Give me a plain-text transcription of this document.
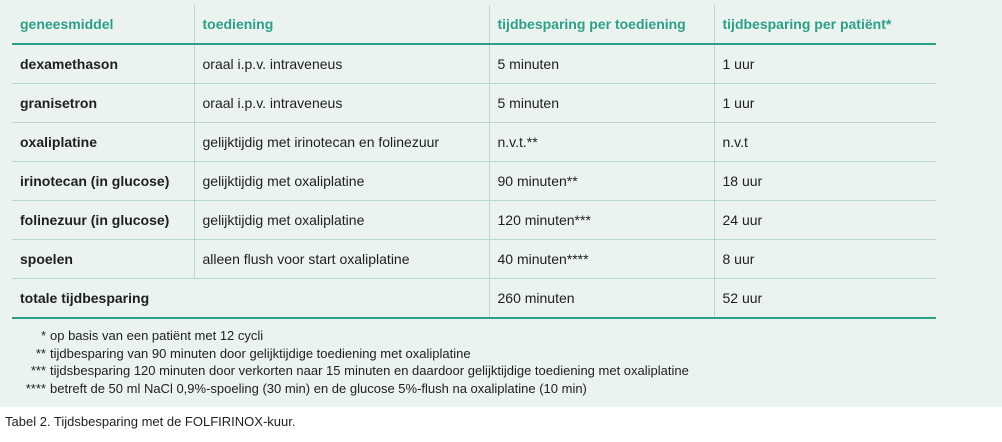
geneesmiddel	toediening	tijdbesparing per toediening	tijdbesparing per patiënt*
dexamethason	oraal i.p.v. intraveneus	5 minuten	1 uur
granisetron	oraal i.p.v. intraveneus	5 minuten	1 uur
oxaliplatine	gelijktijdig met irinotecan en folinezuur	n.v.t.**	n.v.t
irinotecan (in glucose)	gelijktijdig met oxaliplatine	90 minuten**	18 uur
folinezuur (in glucose)	gelijktijdig met oxaliplatine	120 minuten***	24 uur
spoelen	alleen flush voor start oxaliplatine	40 minuten****	8 uur
totale tijdbesparing		260 minuten	52 uur
* op basis van een patiënt met 12 cycli
** tijdbesparing van 90 minuten door gelijktijdige toediening met oxaliplatine
*** tijdsbesparing 120 minuten door verkorten naar 15 minuten en daardoor gelijktijdige toediening met oxaliplatine
**** betreft de 50 ml NaCl 0,9%-spoeling (30 min) en de glucose 5%-flush na oxaliplatine (10 min)
Tabel 2. Tijdsbesparing met de FOLFIRINOX-kuur.
